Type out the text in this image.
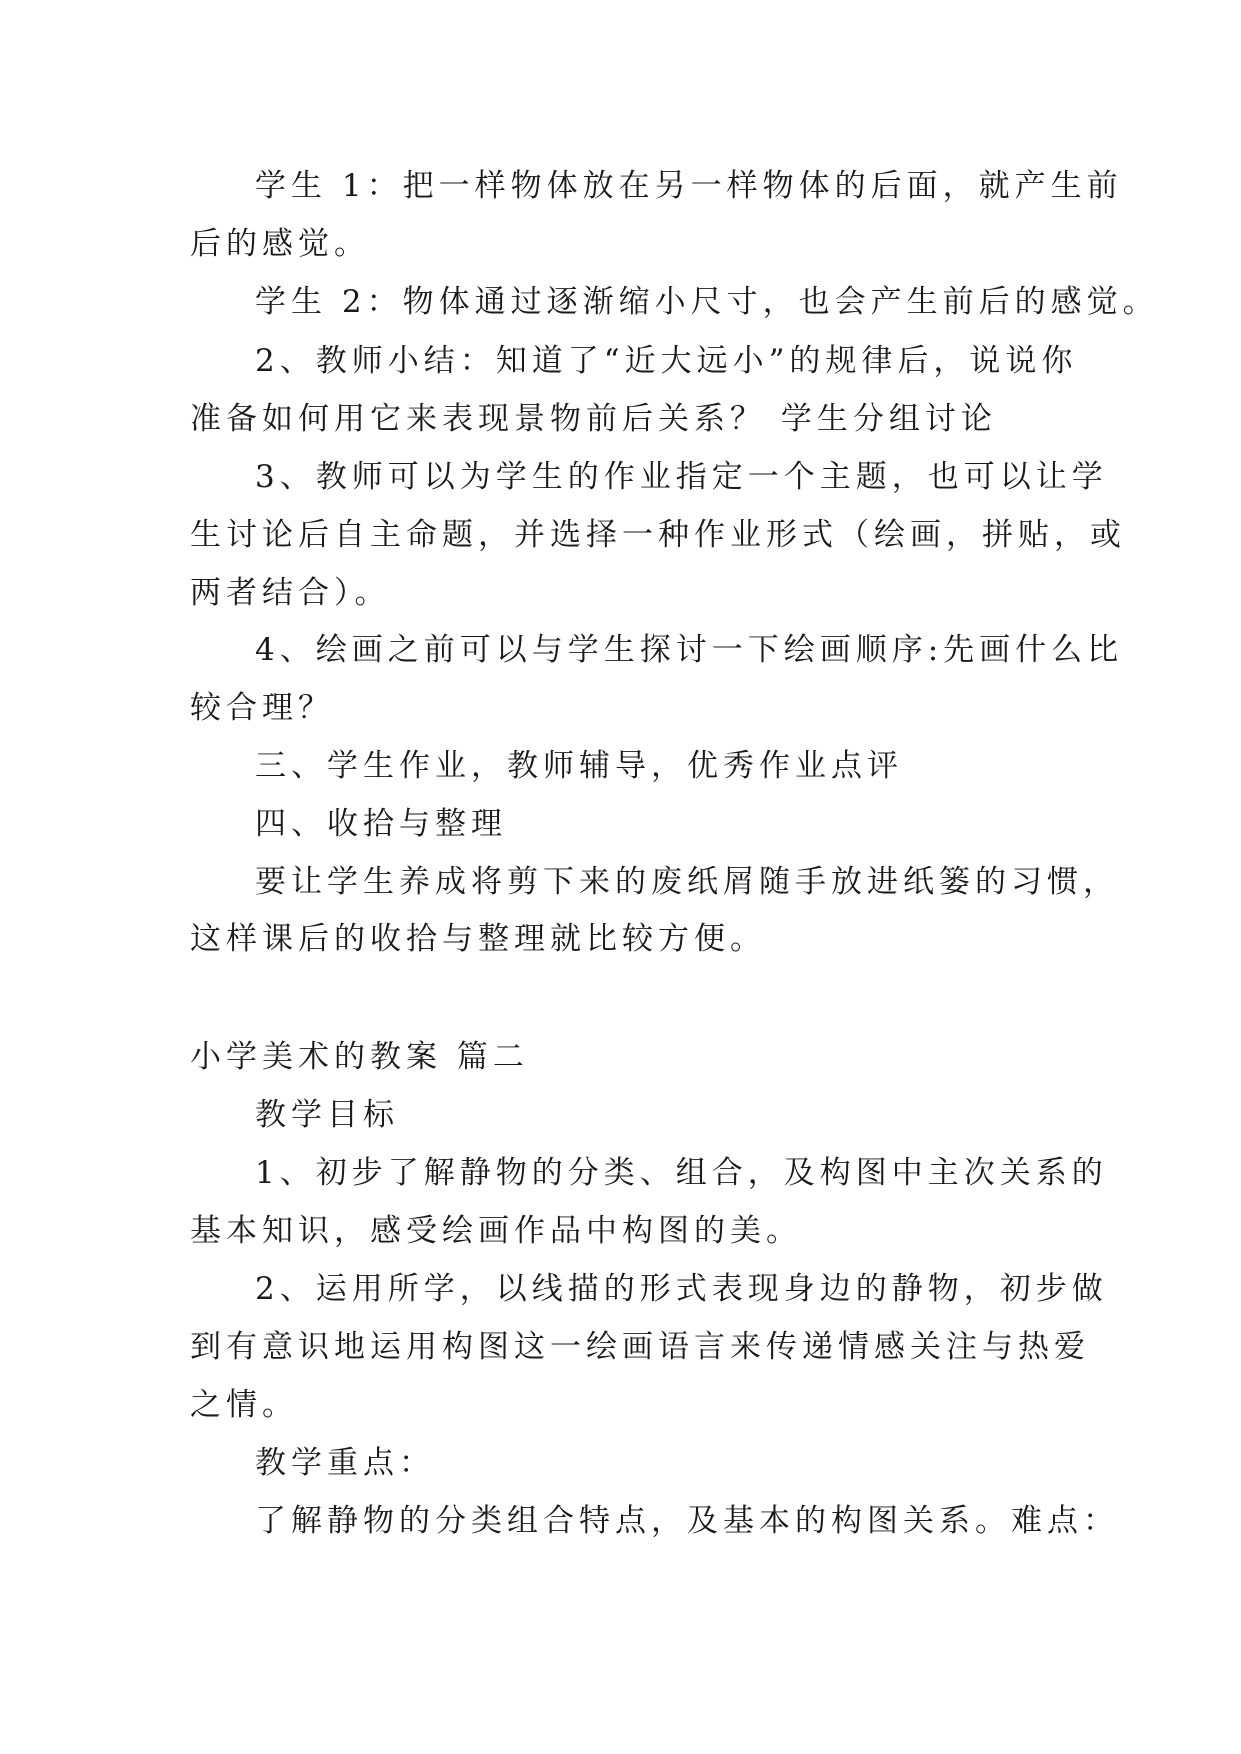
学生 1：把一样物体放在另一样物体的后面，就产生前
后的感觉。
学生 2：物体通过逐渐缩小尺寸，也会产生前后的感觉。
2、教师小结：知道了“近大远小”的规律后，说说你
准备如何用它来表现景物前后关系？ 学生分组讨论
3、教师可以为学生的作业指定一个主题，也可以让学
生讨论后自主命题，并选择一种作业形式（绘画，拼贴，或
两者结合）。
4、绘画之前可以与学生探讨一下绘画顺序:先画什么比
较合理？
三、学生作业，教师辅导，优秀作业点评
四、收拾与整理
要让学生养成将剪下来的废纸屑随手放进纸篓的习惯，
这样课后的收拾与整理就比较方便。
小学美术的教案 篇二
教学目标
1、初步了解静物的分类、组合，及构图中主次关系的
基本知识，感受绘画作品中构图的美。
2、运用所学，以线描的形式表现身边的静物，初步做
到有意识地运用构图这一绘画语言来传递情感关注与热爱
之情。
教学重点：
了解静物的分类组合特点，及基本的构图关系。难点：
